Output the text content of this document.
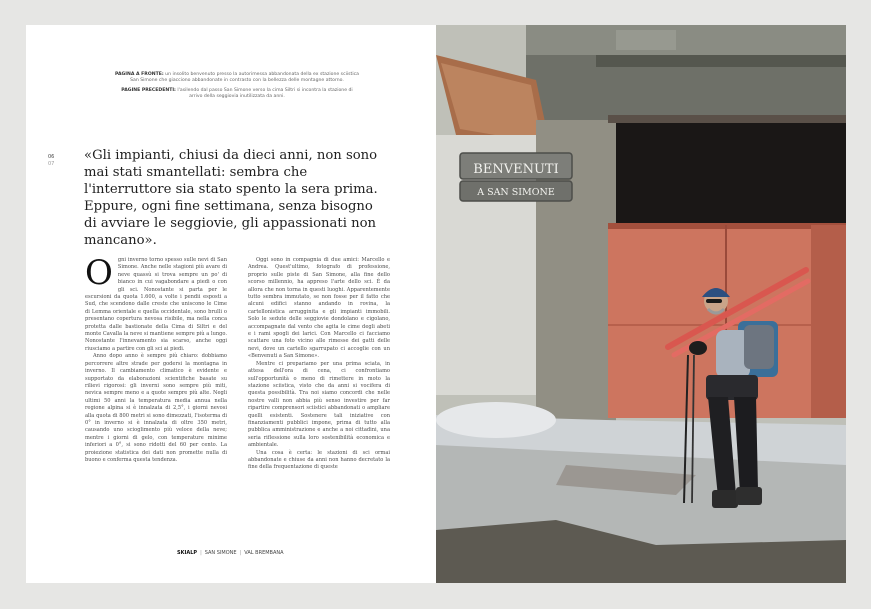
PAGINA A FRONTE: un insolito benvenuto presso la autorimessa abbandonata della ex stazione sciistica San Simone che giacciono abbandonate in contrasto con la bellezza delle montagne attorno.
PAGINE PRECEDENTI: l'asilendo dal passo San Simone verso la cima Siltri si incontra la stazione di arrivo della seggiovia inutilizzata da anni.
06
07

«Gli impianti, chiusi da dieci anni, non sono mai stati smantellati: sembra che l'interruttore sia stato spento la sera prima. Eppure, ogni fine settimana, senza bisogno di avviare le seggiovie, gli appassionati non mancano».

O gni inverno torno spesso sulle nevi di San Simone. Anche nelle stagioni più avare di neve quassù si trova sempre un po' di bianco in cui vagabondare a piedi o con gli sci. Nonostante si parta per le escursioni da quota 1.600, a volte i pendii esposti a Sud, che scendono dalle creste che uniscono le Cime di Lemma orientale e quella occidentale, sono brulli o presentano copertura nevosa risibile, ma nella conca protetta dalle bastionate della Cima di Siltri e del monte Cavalla la neve si mantiene sempre più a lungo. Nonostante l'innevamento sia scarso, anche oggi riusciamo a partire con gli sci ai piedi.

Anno dopo anno è sempre più chiaro: dobbiamo percorrere altre strade per godersi la montagna in inverno. Il cambiamento climatico è evidente e supportato da elaborazioni scientifiche basate su rilievi rigorosi: gli inverni sono sempre più miti, nevica sempre meno e a quote sempre più alte. Negli ultimi 50 anni la temperatura media annua nella regione alpina si è innalzata di 2,5°, i giorni nevosi alla quota di 800 metri si sono dimezzati, l'isoterma di 0° in inverno si è innalzata di oltre 350 metri, causando uno scioglimento più veloce della neve; mentre i giorni di gelo, con temperature minime inferiori a 0°, si sono ridotti del 60 per cento. La proiezione statistica dei dati non promette nulla di buono e conferma questa tendenza.

Oggi sono in compagnia di due amici: Marcello e Andrea. Quest'ultimo, fotografo di professione, proprio sulle piste di San Simone, alla fine dello scorso millennio, ha appreso l'arte dello sci. È da allora che non torna in questi luoghi. Apparentemente tutto sembra immutato, se non fosse per il fatto che alcuni edifici stanno andando in rovina, la cartellonistica arrugginita e gli impianti immobili. Solo le sedute delle seggiovie dondolano e cigolano, accompagnate dal vento che agita le cime degli abeti e i rami spogli dei larici. Con Marcello ci facciamo scattare una foto vicino alle rimesse dei gatti delle nevi, dove un cartello sgarrupato ci accoglie con un «Benvenuti a San Simone».

Mentre ci prepariamo per una prima sciata, in attesa dell'ora di cena, ci confrontiamo sull'opportunità o meno di rimettere in moto la stazione sciistica, visto che da anni si vociferа di questa possibilità. Tra noi siamo concordi che nelle nostre valli non abbia più senso investire per far ripartire comprensori sciistici abbandonati o ampliare quelli esistenti. Sostenere tali iniziative con finanziamenti pubblici impone, prima di tutto alla pubblica amministrazione e anche a noi cittadini, una seria riflessione sulla loro sostenibilità economica e ambientale.

Una cosa è certa: le stazioni di sci ormai abbandonate e chiuse da anni non hanno decretato la fine della frequentazione di queste

SKIALP | SAN SIMONE | VAL BREMBANA
BENVENUTI
A SAN SIMONE
